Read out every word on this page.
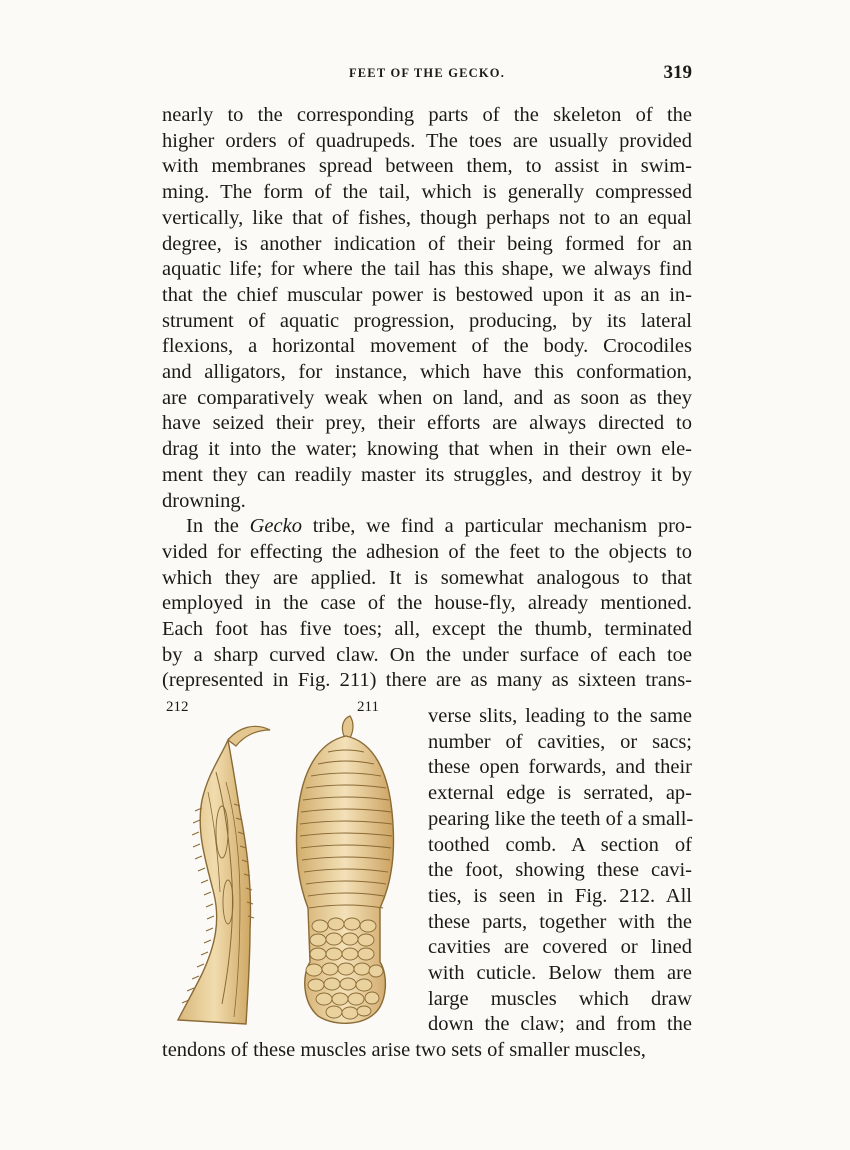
FEET OF THE GECKO.	319
nearly to the corresponding parts of the skeleton of the
higher orders of quadrupeds. The toes are usually provided
with membranes spread between them, to assist in swim-
ming. The form of the tail, which is generally compressed
vertically, like that of fishes, though perhaps not to an equal
degree, is another indication of their being formed for an
aquatic life; for where the tail has this shape, we always find
that the chief muscular power is bestowed upon it as an in-
strument of aquatic progression, producing, by its lateral
flexions, a horizontal movement of the body. Crocodiles
and alligators, for instance, which have this conformation,
are comparatively weak when on land, and as soon as they
have seized their prey, their efforts are always directed to
drag it into the water; knowing that when in their own ele-
ment they can readily master its struggles, and destroy it by
drowning.
In the Gecko tribe, we find a particular mechanism pro-
vided for effecting the adhesion of the feet to the objects to
which they are applied. It is somewhat analogous to that
employed in the case of the house-fly, already mentioned.
Each foot has five toes; all, except the thumb, terminated
by a sharp curved claw. On the under surface of each toe
(represented in Fig. 211) there are as many as sixteen trans-
212	211 verse slits, leading to the same
number of cavities, or sacs;
these open forwards, and their
external edge is serrated, ap-
pearing like the teeth of a small-
toothed comb. A section of
the foot, showing these cavi-
ties, is seen in Fig. 212. All
these parts, together with the
cavities are covered or lined
with cuticle. Below them are
large muscles which draw
down the claw; and from the
tendons of these muscles arise two sets of smaller muscles,
